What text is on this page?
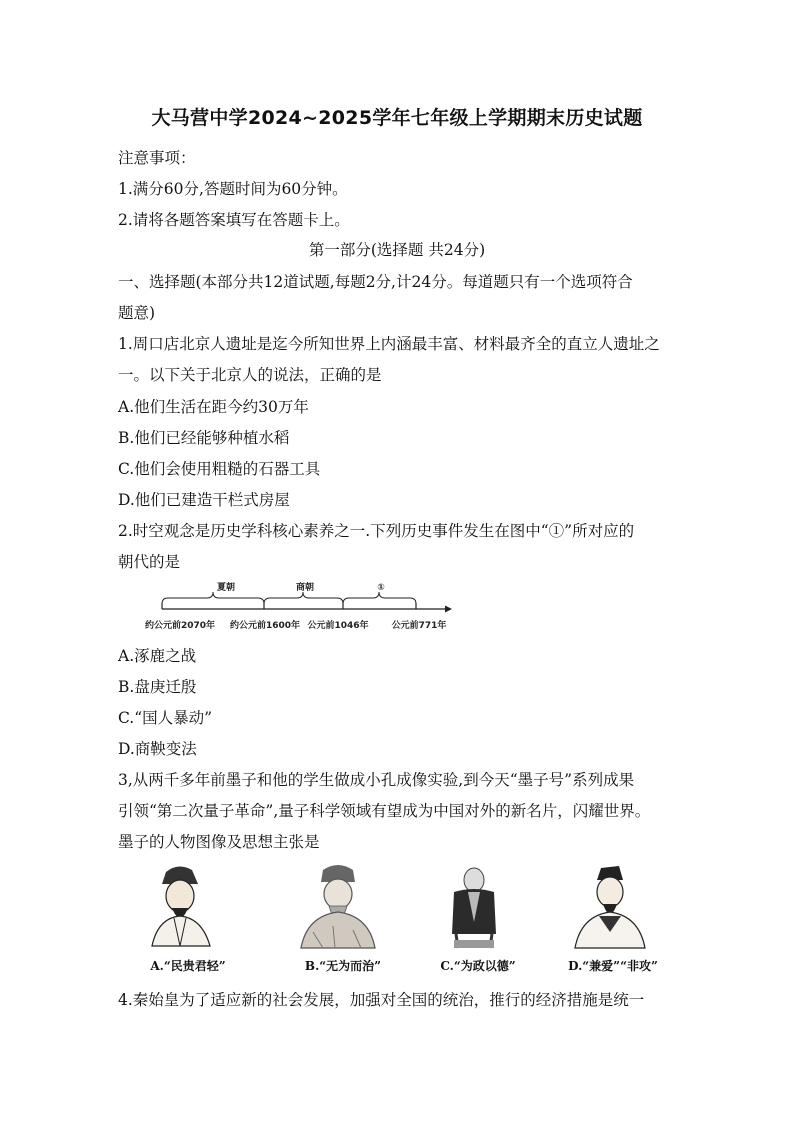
大马营中学2024~2025学年七年级上学期期末历史试题
注意事项：
1.满分60分,答题时间为60分钟。
2.请将各题答案填写在答题卡上。
第一部分(选择题 共24分)
一、选择题(本部分共12道试题,每题2分,计24分。每道题只有一个选项符合
题意)
1.周口店北京人遗址是迄今所知世界上内涵最丰富、材料最齐全的直立人遗址之
一。以下关于北京人的说法，正确的是
A.他们生活在距今约30万年
B.他们已经能够种植水稻
C.他们会使用粗糙的石器工具
D.他们已建造干栏式房屋
2.时空观念是历史学科核心素养之一.下列历史事件发生在图中“①”所对应的
朝代的是
夏朝	商朝	①
约公元前2070年 约公元前1600年 公元前1046年	公元前771年
A.涿鹿之战
B.盘庚迁殷
C.“国人暴动”
D.商鞅变法
3,从两千多年前墨子和他的学生做成小孔成像实验,到今天“墨子号”系列成果
引领“第二次量子革命”,量子科学领域有望成为中国对外的新名片，闪耀世界。
墨子的人物图像及思想主张是
A.“民贵君轻”	B.“无为而治”	C.“为政以德”	D.“兼爱”“非攻”
4.秦始皇为了适应新的社会发展，加强对全国的统治，推行的经济措施是统一
